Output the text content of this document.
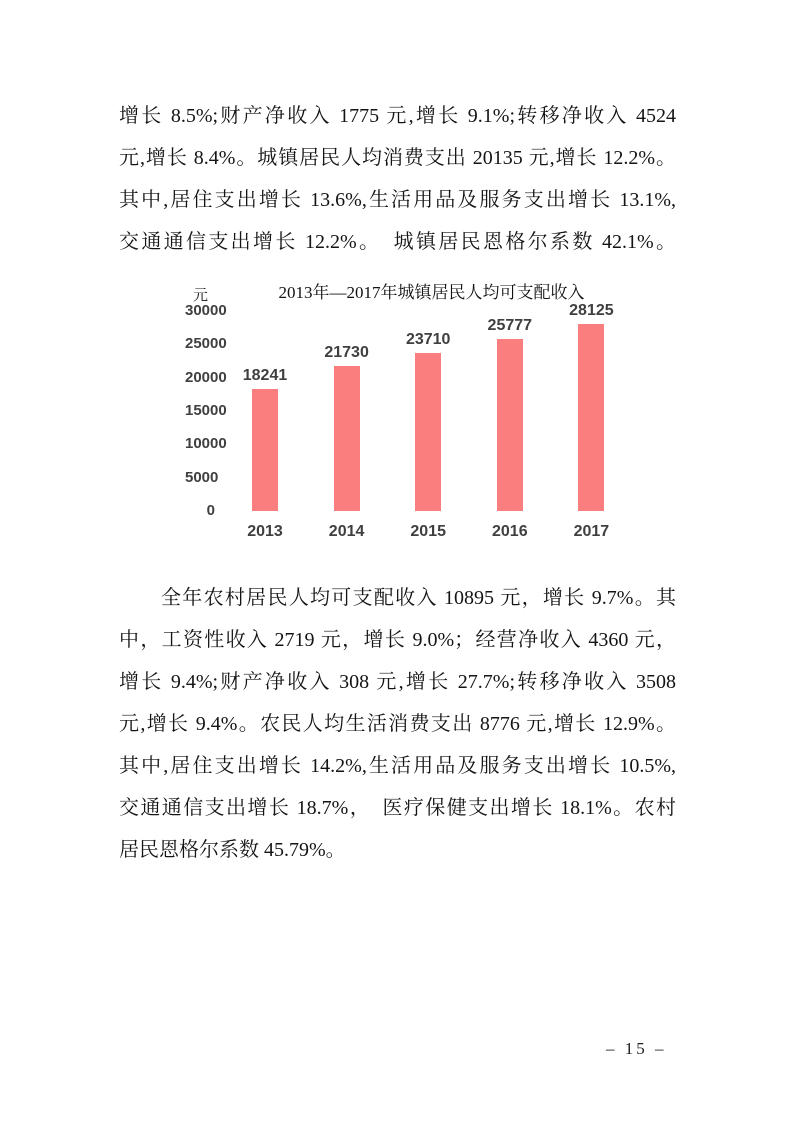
增长 8.5%;财产净收入 1775 元,增长 9.1%;转移净收入 4524
元,增长 8.4%。城镇居民人均消费支出 20135 元,增长 12.2%。
其中,居住支出增长 13.6%,生活用品及服务支出增长 13.1%,
交通通信支出增长 12.2%。　城镇居民恩格尔系数 42.1%。
2013年—2017年城镇居民人均可支配收入
元
30000
25000
20000
15000
10000
5000
0
18241
2013
21730
2014
23710
2015
25777
2016
28125
2017
全年农村居民人均可支配收入 10895 元，增长 9.7%。其
中，工资性收入 2719 元，增长 9.0%；经营净收入 4360 元，
增长 9.4%;财产净收入 308 元,增长 27.7%;转移净收入 3508
元,增长 9.4%。农民人均生活消费支出 8776 元,增长 12.9%。
其中,居住支出增长 14.2%,生活用品及服务支出增长 10.5%,
交通通信支出增长 18.7%，　医疗保健支出增长 18.1%。农村
居民恩格尔系数 45.79%。
– 15 –
